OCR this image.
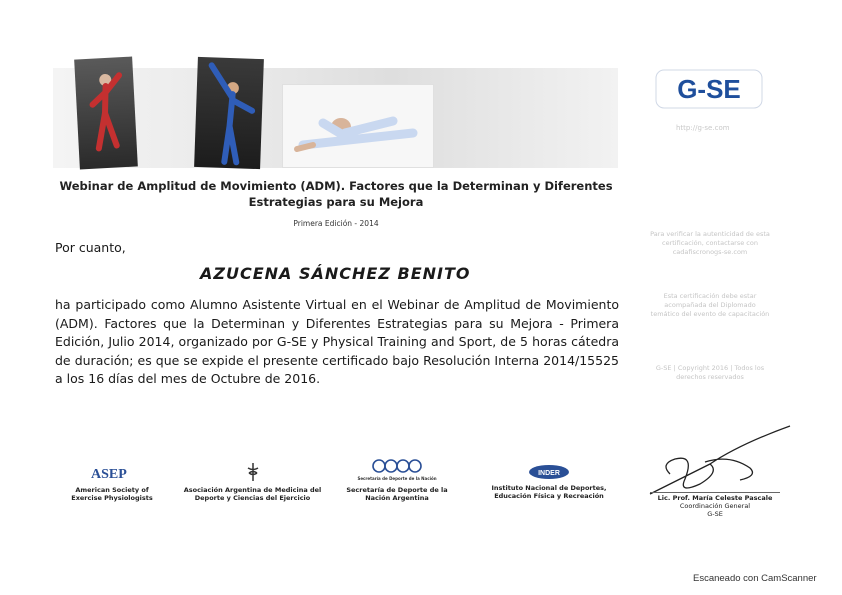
G-SE
http://g-se.com
Webinar de Amplitud de Movimiento (ADM). Factores que la Determinan y Diferentes Estrategias para su Mejora
Primera Edición - 2014
Por cuanto,
AZUCENA SÁNCHEZ BENITO
ha participado como Alumno Asistente Virtual en el Webinar de Amplitud de Movimiento (ADM). Factores que la Determinan y Diferentes Estrategias para su Mejora - Primera Edición, Julio 2014, organizado por G-SE y Physical Training and Sport, de 5 horas cátedra de duración; es que se expide el presente certificado bajo Resolución Interna 2014/15525 a los 16 días del mes de Octubre de 2016.
Para verificar la autenticidad de esta certificación, contactarse con cadafiscronogs-se.com
Esta certificación debe estar acompañada del Diplomado temático del evento de capacitación
G-SE | Copyright 2016 | Todos los derechos reservados
ASEP
American Society of Exercise Physiologists
Asociación Argentina de Medicina del Deporte y Ciencias del Ejercicio
Secretaría de Deporte de la Nación
Secretaría de Deporte de la Nación Argentina
INDER
Instituto Nacional de Deportes, Educación Física y Recreación	Lic. Prof. María Celeste Pascale
Coordinación General
G-SE
Escaneado con CamScanner
